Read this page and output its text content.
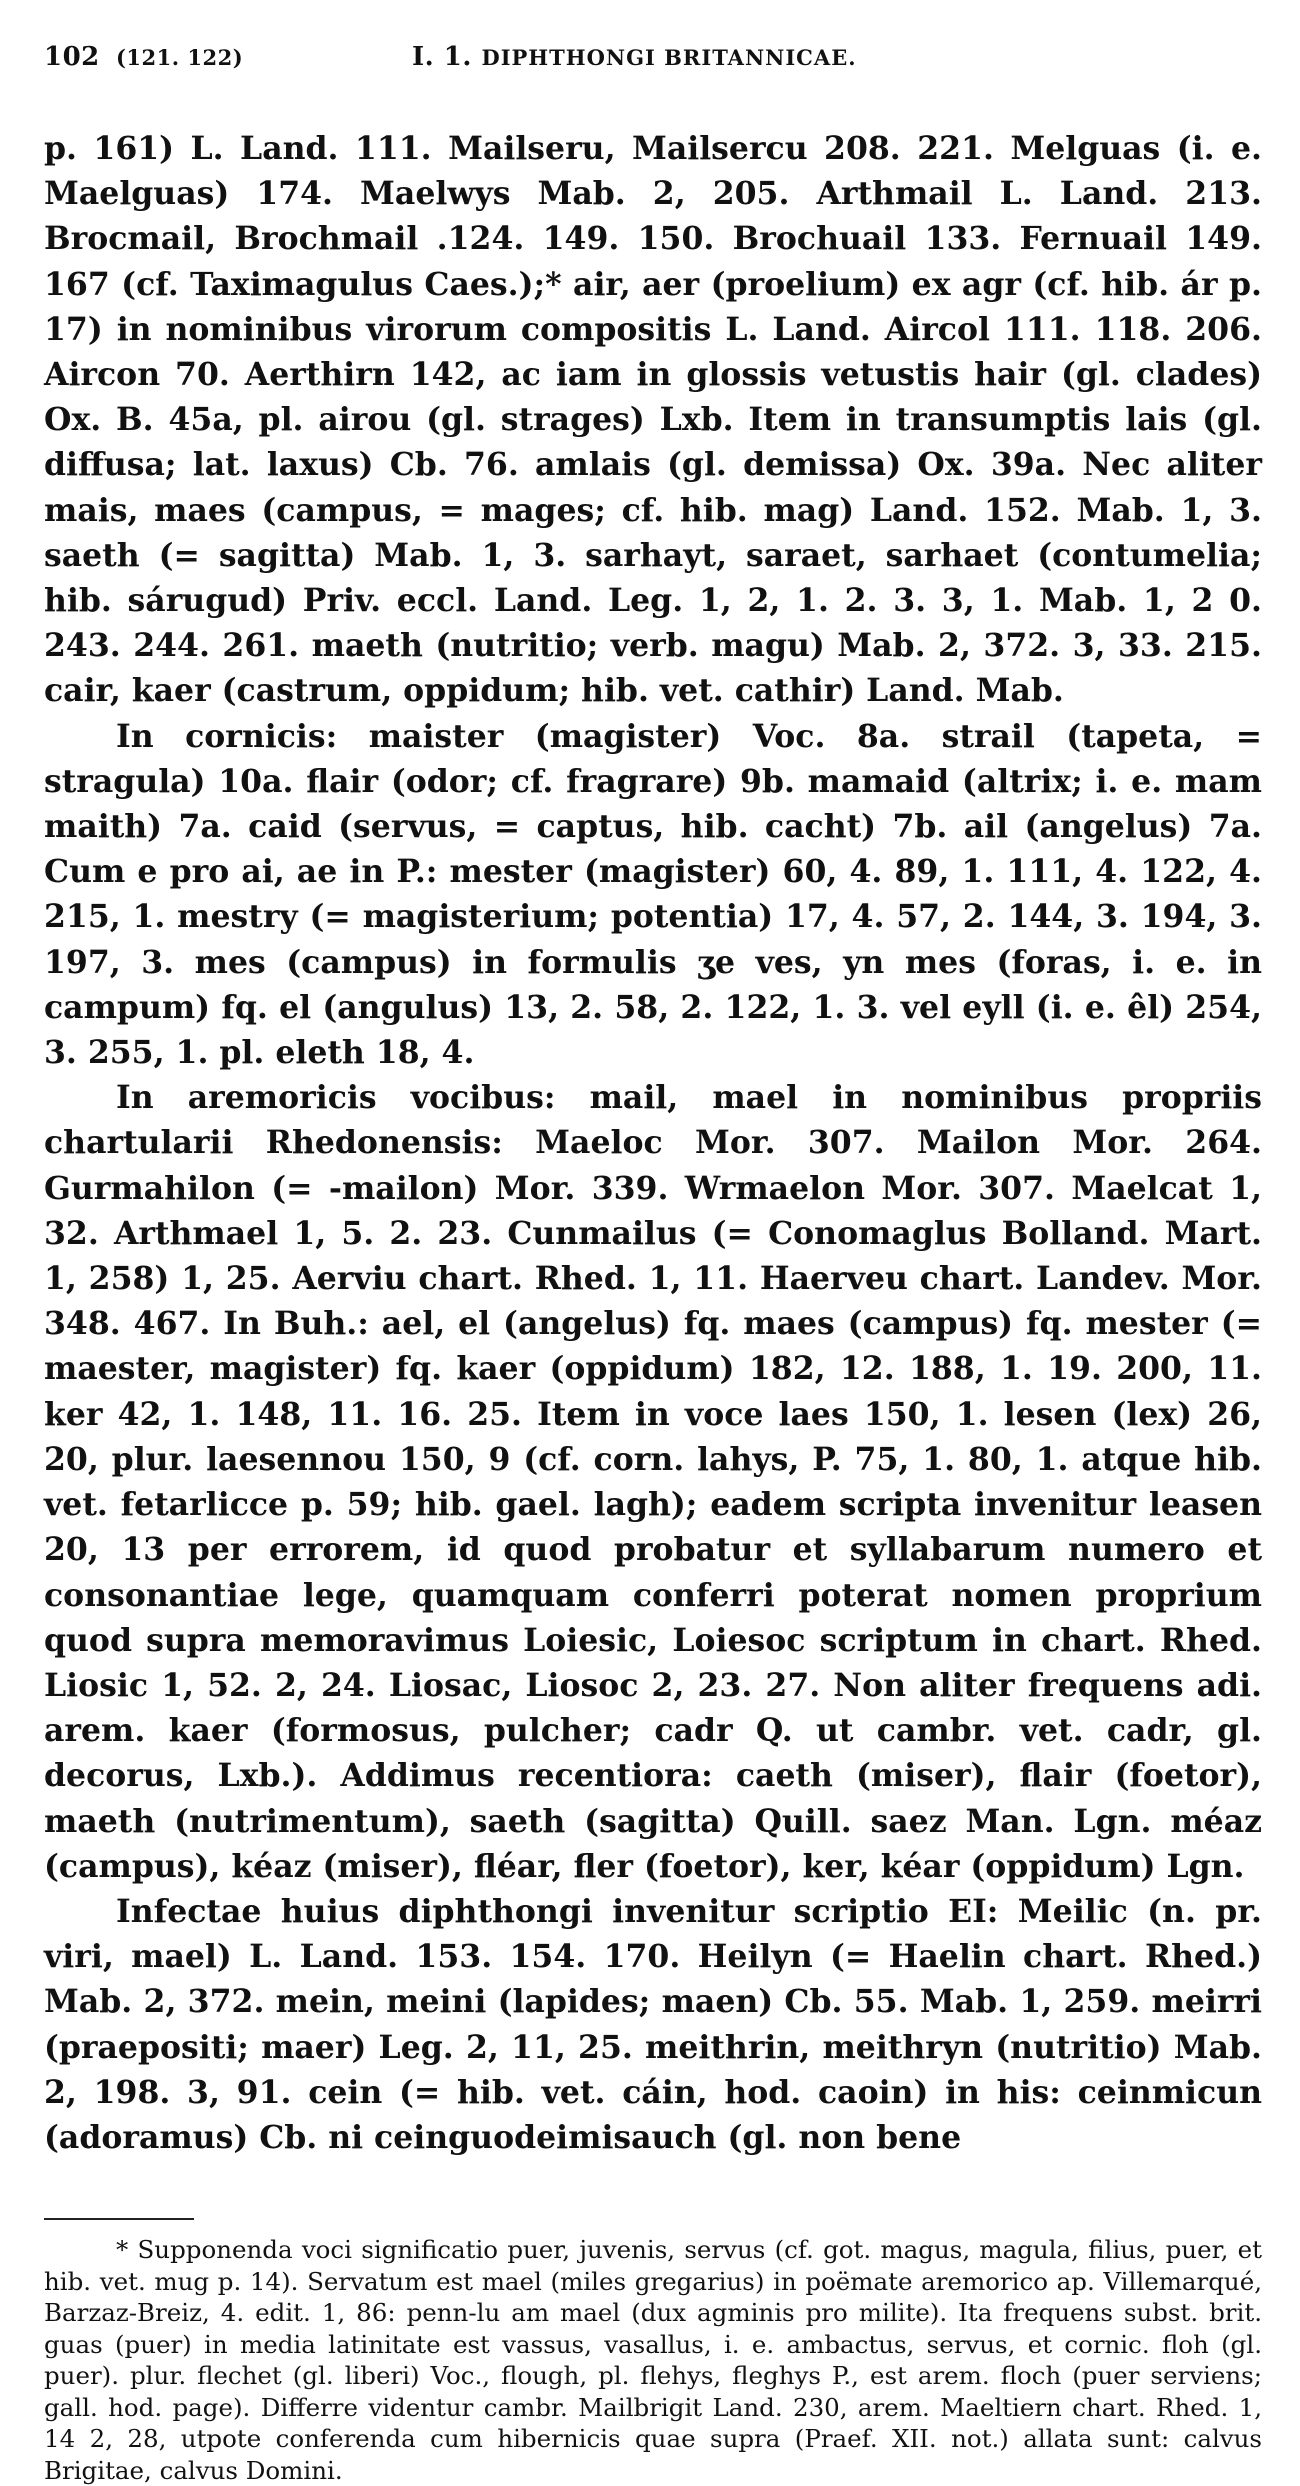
102 (121. 122)	I. 1. DIPHTHONGI BRITANNICAE.

p. 161) L. Land. 111. Mailseru, Mailsercu 208. 221. Melguas (i. e. Maelguas) 174. Maelwys Mab. 2, 205. Arthmail L. Land. 213. Brocmail, Brochmail .124. 149. 150. Brochuail 133. Fernuail 149. 167 (cf. Taximagulus Caes.);* air, aer (proelium) ex agr (cf. hib. ár p. 17) in nominibus virorum compositis L. Land. Aircol 111. 118. 206. Aircon 70. Aerthirn 142, ac iam in glossis vetustis hair (gl. clades) Ox. B. 45a, pl. airou (gl. strages) Lxb. Item in transumptis lais (gl. diffusa; lat. laxus) Cb. 76. amlais (gl. demissa) Ox. 39a. Nec aliter mais, maes (campus, = mages; cf. hib. mag) Land. 152. Mab. 1, 3. saeth (= sagitta) Mab. 1, 3. sarhayt, saraet, sarhaet (contumelia; hib. sárugud) Priv. eccl. Land. Leg. 1, 2, 1. 2. 3. 3, 1. Mab. 1, 2 0. 243. 244. 261. maeth (nutritio; verb. magu) Mab. 2, 372. 3, 33. 215. cair, kaer (castrum, oppidum; hib. vet. cathir) Land. Mab.

In cornicis: maister (magister) Voc. 8a. strail (tapeta, = stragula) 10a. flair (odor; cf. fragrare) 9b. mamaid (altrix; i. e. mam maith) 7a. caid (servus, = captus, hib. cacht) 7b. ail (angelus) 7a. Cum e pro ai, ae in P.: mester (magister) 60, 4. 89, 1. 111, 4. 122, 4. 215, 1. mestry (= magisterium; potentia) 17, 4. 57, 2. 144, 3. 194, 3. 197, 3. mes (campus) in formulis ʒe ves, yn mes (foras, i. e. in campum) fq. el (angulus) 13, 2. 58, 2. 122, 1. 3. vel eyll (i. e. êl) 254, 3. 255, 1. pl. eleth 18, 4.

In aremoricis vocibus: mail, mael in nominibus propriis chartularii Rhedonensis: Maeloc Mor. 307. Mailon Mor. 264. Gurmahilon (= -mailon) Mor. 339. Wrmaelon Mor. 307. Maelcat 1, 32. Arthmael 1, 5. 2. 23. Cunmailus (= Conomaglus Bolland. Mart. 1, 258) 1, 25. Aerviu chart. Rhed. 1, 11. Haerveu chart. Landev. Mor. 348. 467. In Buh.: ael, el (angelus) fq. maes (campus) fq. mester (= maester, magister) fq. kaer (oppidum) 182, 12. 188, 1. 19. 200, 11. ker 42, 1. 148, 11. 16. 25. Item in voce laes 150, 1. lesen (lex) 26, 20, plur. laesennou 150, 9 (cf. corn. lahys, P. 75, 1. 80, 1. atque hib. vet. fetarlicce p. 59; hib. gael. lagh); eadem scripta invenitur leasen 20, 13 per errorem, id quod probatur et syllabarum numero et consonantiae lege, quamquam conferri poterat nomen proprium quod supra memoravimus Loiesic, Loiesoc scriptum in chart. Rhed. Liosic 1, 52. 2, 24. Liosac, Liosoc 2, 23. 27. Non aliter frequens adi. arem. kaer (formosus, pulcher; cadr Q. ut cambr. vet. cadr, gl. decorus, Lxb.). Addimus recentiora: caeth (miser), flair (foetor), maeth (nutrimentum), saeth (sagitta) Quill. saez Man. Lgn. méaz (campus), kéaz (miser), fléar, fler (foetor), ker, kéar (oppidum) Lgn.

Infectae huius diphthongi invenitur scriptio EI: Meilic (n. pr. viri, mael) L. Land. 153. 154. 170. Heilyn (= Haelin chart. Rhed.) Mab. 2, 372. mein, meini (lapides; maen) Cb. 55. Mab. 1, 259. meirri (praepositi; maer) Leg. 2, 11, 25. meithrin, meithryn (nutritio) Mab. 2, 198. 3, 91. cein (= hib. vet. cáin, hod. caoin) in his: ceinmicun (adoramus) Cb. ni ceinguodeimisauch (gl. non bene

* Supponenda voci significatio puer, juvenis, servus (cf. got. magus, magula, filius, puer, et hib. vet. mug p. 14). Servatum est mael (miles gregarius) in poëmate aremorico ap. Villemarqué, Barzaz-Breiz, 4. edit. 1, 86: penn-lu am mael (dux agminis pro milite). Ita frequens subst. brit. guas (puer) in media latinitate est vassus, vasallus, i. e. ambactus, servus, et cornic. floh (gl. puer). plur. flechet (gl. liberi) Voc., flough, pl. flehys, fleghys P., est arem. floch (puer serviens; gall. hod. page). Differre videntur cambr. Mailbrigit Land. 230, arem. Maeltiern chart. Rhed. 1, 14 2, 28, utpote conferenda cum hibernicis quae supra (Praef. XII. not.) allata sunt: calvus Brigitae, calvus Domini.
